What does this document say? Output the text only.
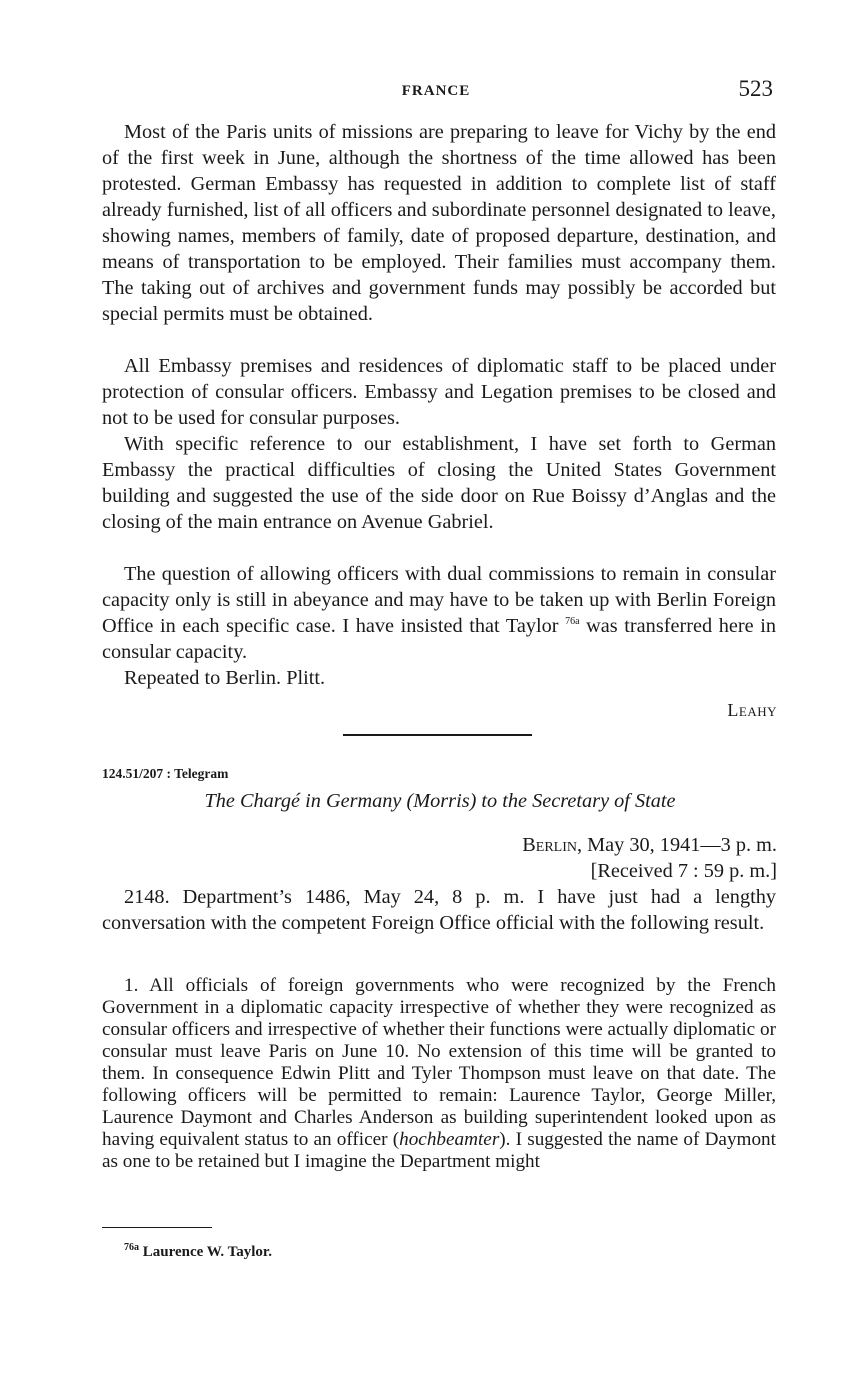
FRANCE	523

Most of the Paris units of missions are preparing to leave for Vichy by the end of the first week in June, although the shortness of the time allowed has been protested. German Embassy has requested in addition to complete list of staff already furnished, list of all officers and subordinate personnel designated to leave, showing names, members of family, date of proposed departure, destination, and means of transportation to be employed. Their families must accompany them. The taking out of archives and government funds may possibly be accorded but special permits must be obtained.

All Embassy premises and residences of diplomatic staff to be placed under protection of consular officers. Embassy and Legation premises to be closed and not to be used for consular purposes.

With specific reference to our establishment, I have set forth to German Embassy the practical difficulties of closing the United States Government building and suggested the use of the side door on Rue Boissy d’Anglas and the closing of the main entrance on Avenue Gabriel.

The question of allowing officers with dual commissions to remain in consular capacity only is still in abeyance and may have to be taken up with Berlin Foreign Office in each specific case. I have insisted that Taylor $^{76a}$ was transferred here in consular capacity.

Repeated to Berlin. Plitt.

Leahy
124.51/207 : Telegram
The Chargé in Germany (Morris) to the Secretary of State
Berlin, May 30, 1941—3 p. m.
[Received 7 : 59 p. m.]

2148. Department’s 1486, May 24, 8 p. m. I have just had a lengthy conversation with the competent Foreign Office official with the following result.

1. All officials of foreign governments who were recognized by the French Government in a diplomatic capacity irrespective of whether they were recognized as consular officers and irrespective of whether their functions were actually diplomatic or consular must leave Paris on June 10. No extension of this time will be granted to them. In consequence Edwin Plitt and Tyler Thompson must leave on that date. The following officers will be permitted to remain: Laurence Taylor, George Miller, Laurence Daymont and Charles Anderson as building superintendent looked upon as having equivalent status to an officer (hochbeamter). I suggested the name of Daymont as one to be retained but I imagine the Department might

$^{76a}$ Laurence W. Taylor.
